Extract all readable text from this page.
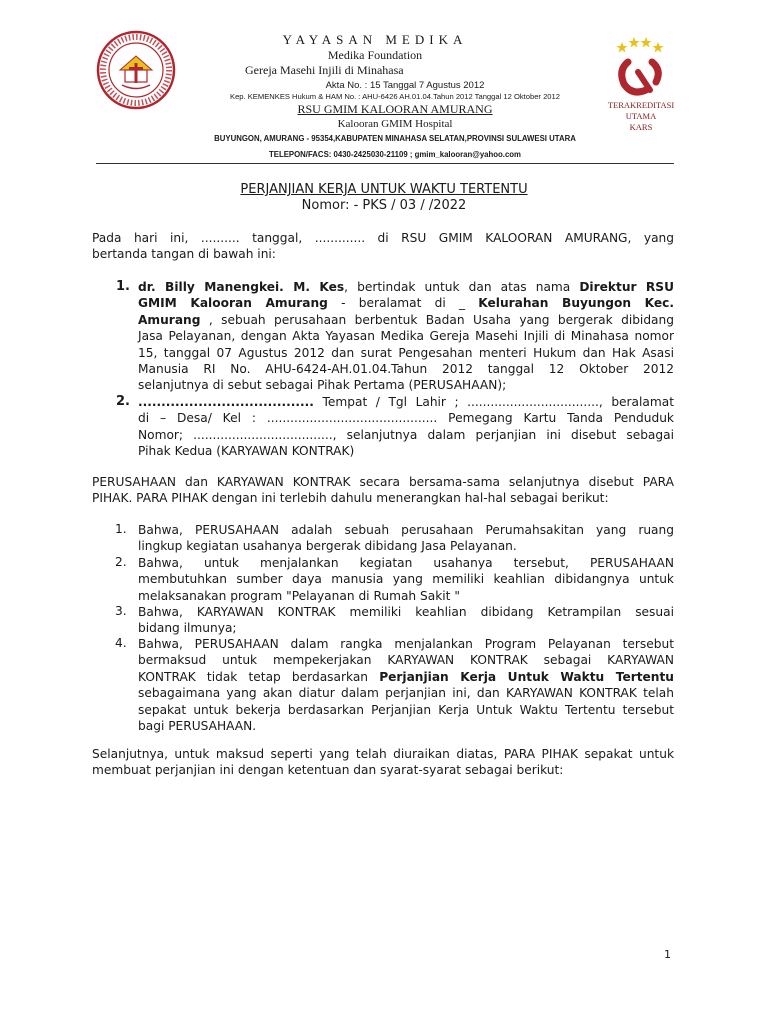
YAYASAN MEDIKA
Medika Foundation
Gereja Masehi Injili di Minahasa
Akta No. : 15 Tanggal 7 Agustus 2012
Kep. KEMENKES Hukum & HAM No. : AHU-6426 AH.01.04.Tahun 2012 Tanggal 12 Oktober 2012
RSU GMIM KALOORAN AMURANG
Kalooran GMIM Hospital
BUYUNGON, AMURANG - 95354,KABUPATEN MINAHASA SELATAN,PROVINSI SULAWESI UTARA
TELEPON/FACS: 0430-2425030-21109 ; gmim_kalooran@yahoo.com
TERAKREDITASI UTAMA
KARS
PERJANJIAN KERJA UNTUK WAKTU TERTENTU
Nomor: - PKS / 03 / /2022
Pada hari ini, .......... tanggal, ............. di RSU GMIM KALOORAN AMURANG, yang
bertanda tangan di bawah ini:
1. dr. Billy Manengkei. M. Kes, bertindak untuk dan atas nama Direktur RSU
GMIM Kalooran Amurang - beralamat di _ Kelurahan Buyungon Kec.
Amurang , sebuah perusahaan berbentuk Badan Usaha yang bergerak dibidang
Jasa Pelayanan, dengan Akta Yayasan Medika Gereja Masehi Injili di Minahasa nomor
15, tanggal 07 Agustus 2012 dan surat Pengesahan menteri Hukum dan Hak Asasi
Manusia RI No. AHU-6424-AH.01.04.Tahun 2012 tanggal 12 Oktober 2012
selanjutnya di sebut sebagai Pihak Pertama (PERUSAHAAN);
2. ...................................... Tempat / Tgl Lahir ; .................................., beralamat
di – Desa/ Kel : ............................................ Pemegang Kartu Tanda Penduduk
Nomor; ...................................., selanjutnya dalam perjanjian ini disebut sebagai
Pihak Kedua (KARYAWAN KONTRAK)
PERUSAHAAN dan KARYAWAN KONTRAK secara bersama-sama selanjutnya disebut PARA
PIHAK. PARA PIHAK dengan ini terlebih dahulu menerangkan hal-hal sebagai berikut:
1. Bahwa, PERUSAHAAN adalah sebuah perusahaan Perumahsakitan yang ruang
lingkup kegiatan usahanya bergerak dibidang Jasa Pelayanan.
2. Bahwa, untuk menjalankan kegiatan usahanya tersebut, PERUSAHAAN
membutuhkan sumber daya manusia yang memiliki keahlian dibidangnya untuk
melaksanakan program "Pelayanan di Rumah Sakit "
3. Bahwa, KARYAWAN KONTRAK memiliki keahlian dibidang Ketrampilan sesuai
bidang ilmunya;
4. Bahwa, PERUSAHAAN dalam rangka menjalankan Program Pelayanan tersebut
bermaksud untuk mempekerjakan KARYAWAN KONTRAK sebagai KARYAWAN
KONTRAK tidak tetap berdasarkan Perjanjian Kerja Untuk Waktu Tertentu
sebagaimana yang akan diatur dalam perjanjian ini, dan KARYAWAN KONTRAK telah
sepakat untuk bekerja berdasarkan Perjanjian Kerja Untuk Waktu Tertentu tersebut
bagi PERUSAHAAN.
Selanjutnya, untuk maksud seperti yang telah diuraikan diatas, PARA PIHAK sepakat untuk
membuat perjanjian ini dengan ketentuan dan syarat-syarat sebagai berikut:
1
